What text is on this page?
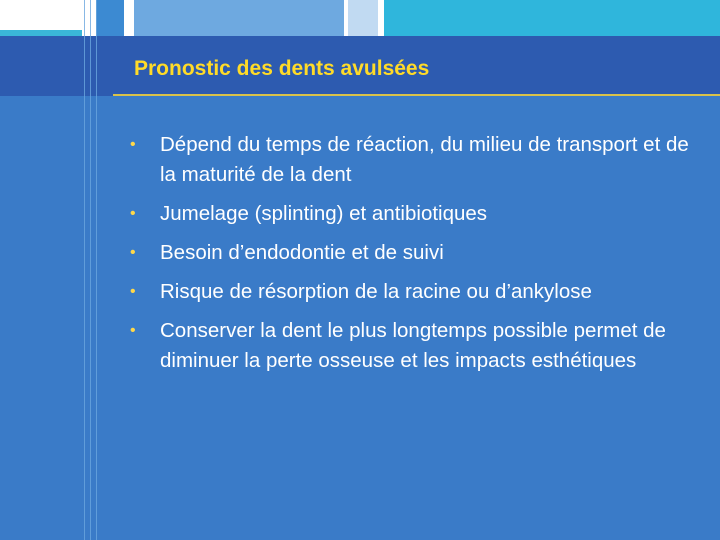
Pronostic des dents avulsées
• Dépend du temps de réaction, du milieu de transport et de la maturité de la dent
• Jumelage (splinting) et antibiotiques
• Besoin d’endodontie et de suivi
• Risque de résorption de la racine ou d’ankylose
• Conserver la dent le plus longtemps possible permet de diminuer la perte osseuse et les impacts esthétiques
